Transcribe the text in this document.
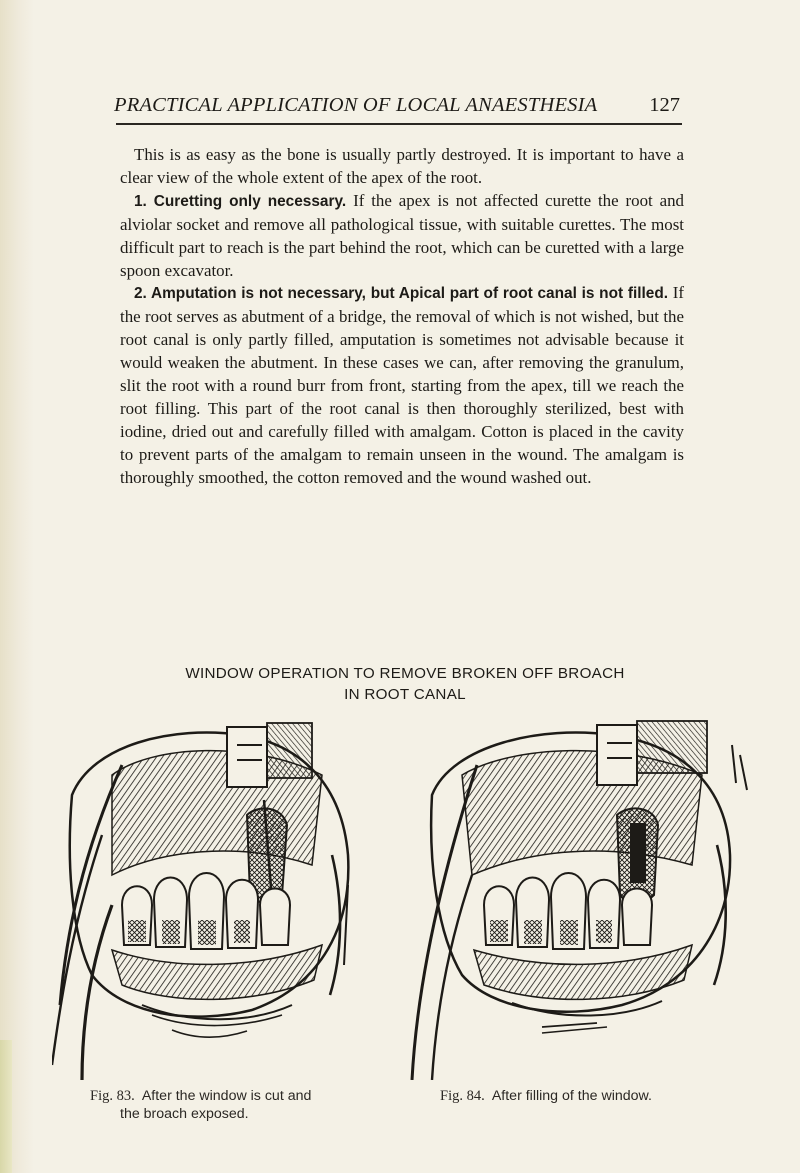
PRACTICAL APPLICATION OF LOCAL ANAESTHESIA	127

This is as easy as the bone is usually partly destroyed. It is important to have a clear view of the whole extent of the apex of the root.

1. Curetting only necessary. If the apex is not affected curette the root and alviolar socket and remove all pathological tissue, with suitable curettes. The most difficult part to reach is the part behind the root, which can be curetted with a large spoon excavator.

2. Amputation is not necessary, but Apical part of root canal is not filled. If the root serves as abutment of a bridge, the removal of which is not wished, but the root canal is only partly filled, amputation is sometimes not advisable because it would weaken the abutment. In these cases we can, after removing the granulum, slit the root with a round burr from front, starting from the apex, till we reach the root filling. This part of the root canal is then thoroughly sterilized, best with iodine, dried out and carefully filled with amalgam. Cotton is placed in the cavity to prevent parts of the amalgam to remain unseen in the wound. The amalgam is thoroughly smoothed, the cotton removed and the wound washed out.

WINDOW OPERATION TO REMOVE BROKEN OFF BROACH
IN ROOT CANAL
Fig. 83. After the window is cut and
the broach exposed.
Fig. 84. After filling of the window.
